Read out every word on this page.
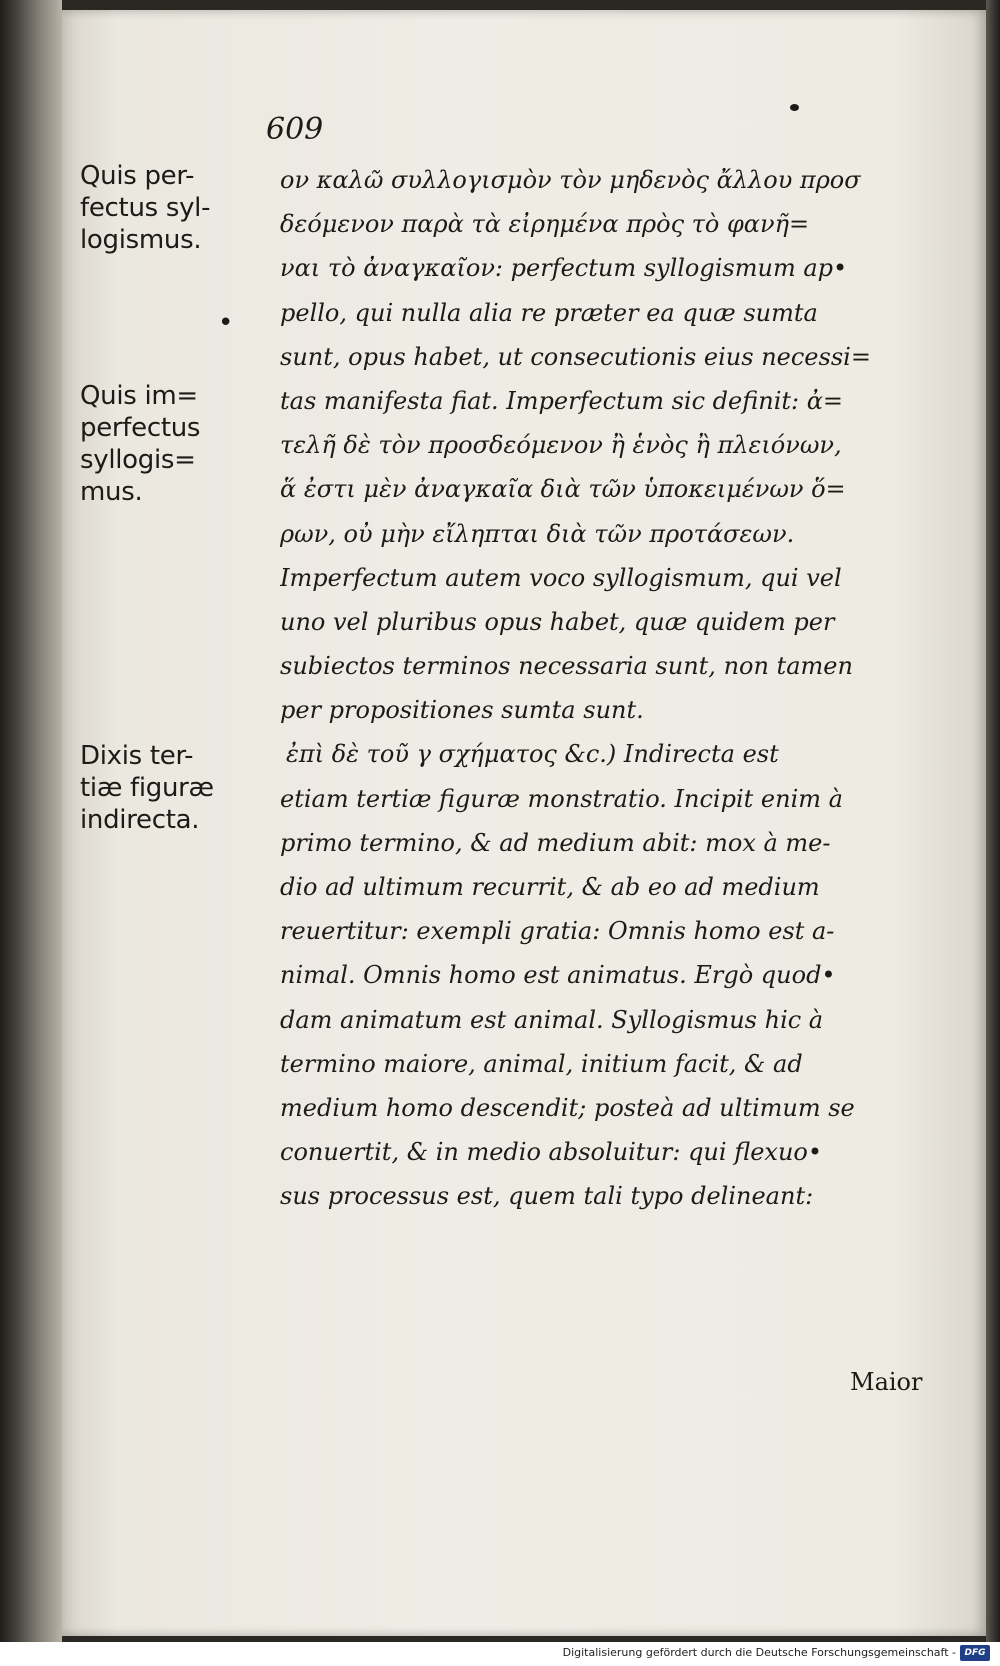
609
Quis per-
fectus syl-
logismus.
•
Quis im=
perfectus
syllogis=
mus.
Dixis ter-
tiæ figuræ
indirecta.
ον καλῶ συλλογισμὸν τὸν μηδενὸς ἄλλου προσ
δεόμενον παρὰ τὰ εἰρημένα πρὸς τὸ φανῆ=
ναι τὸ ἀναγκαῖον: perfectum syllogismum ap•
pello, qui nulla alia re præter ea quæ sumta
sunt, opus habet, ut consecutionis eius necessi=
tas manifesta fiat. Imperfectum sic definit: ἀ=
τελῆ δὲ τὸν προσδεόμενον ἢ ἑνὸς ἢ πλειόνων,
ἅ ἐστι μὲν ἀναγκαῖα διὰ τῶν ὑποκειμένων ὅ=
ρων, οὐ μὴν εἴληπται διὰ τῶν προτάσεων.
Imperfectum autem voco syllogismum, qui vel
uno vel pluribus opus habet, quæ quidem per
subiectos terminos necessaria sunt, non tamen
per propositiones sumta sunt.
ἐπὶ δὲ τοῦ γ σχήματος &c.) Indirecta est
etiam tertiæ figuræ monstratio. Incipit enim à
primo termino, & ad medium abit: mox à me-
dio ad ultimum recurrit, & ab eo ad medium
reuertitur: exempli gratia: Omnis homo est a-
nimal. Omnis homo est animatus. Ergò quod•
dam animatum est animal. Syllogismus hic à
termino maiore, animal, initium facit, & ad
medium homo descendit; posteà ad ultimum se
conuertit, & in medio absoluitur: qui flexuo•
sus processus est, quem tali typo delineant:
Maior
Digitalisierung gefördert durch die Deutsche Forschungsgemeinschaft - DFG
